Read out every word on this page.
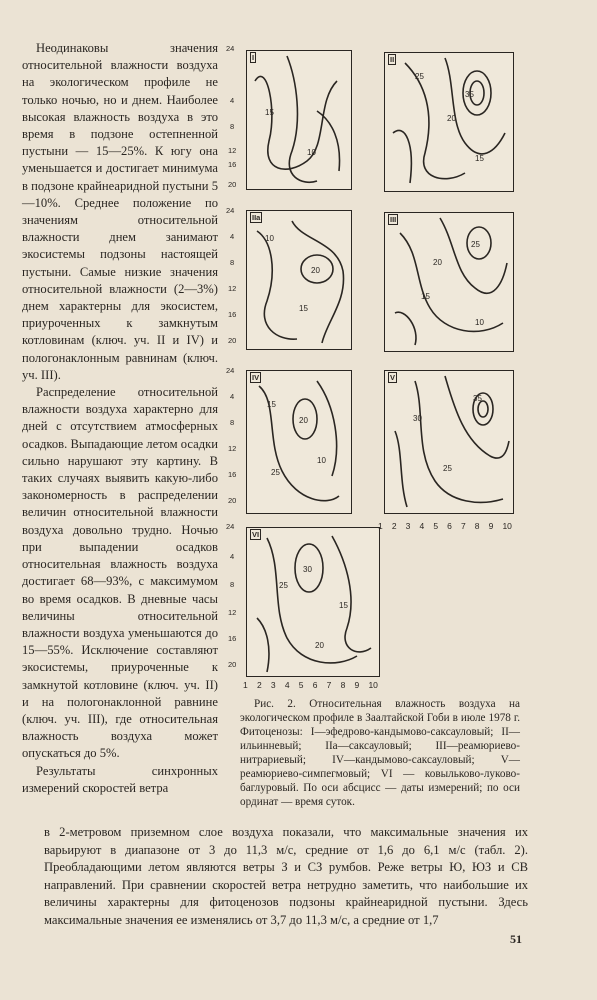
Неодинаковы значения относительной влажности воздуха на экологическом профиле не только ночью, но и днем. Наиболее высокая влажность воздуха в это время в подзоне остепненной пустыни — 15—25%. К югу она уменьшается и достигает минимума в подзоне крайнеаридной пустыни 5—10%. Среднее положение по значениям относительной влажности днем занимают экосистемы подзоны настоящей пустыни. Самые низкие значения относительной влажности (2—3%) днем характерны для экосистем, приуроченных к замкнутым котловинам (ключ. уч. II и IV) и пологонаклонным равнинам (ключ. уч. III).

Распределение относительной влажности воздуха характерно для дней с отсутствием атмосферных осадков. Выпадающие летом осадки сильно нарушают эту картину. В таких случаях выявить какую-либо закономерность в распределении величин относительной влажности воздуха довольно трудно. Ночью при выпадении осадков относительная влажность воздуха достигает 68—93%, с максимумом во время осадков. В дневные часы величины относительной влажности воздуха уменьшаются до 15—55%. Исключение составляют экосистемы, приуроченные к замкнутой котловине (ключ. уч. II) и на пологонаклонной равнине (ключ. уч. III), где относительная влажность воздуха может опускаться до 5%.

Результаты синхронных измерений скоростей ветра

15
10
25
35
20
15
10
20
15
25
20
15
10
15
20
25
10
30
35
25
30
25
20
15
I	II
IIa	III
IV	V
VI
24
4
8
12
16
20
24
4
8
12
16
20
24
4
8
12
16
20
24
4
8
12
16
20
1 2 3 4 5 6 7 8 9 10
1 2 3 4 5 6 7 8 9 10

Рис. 2. Относительная влажность воздуха на экологическом профиле в Заалтайской Гоби в июле 1978 г. Фитоценозы: I—эфедрово-кандымово-саксауловый; II—ильинневый; IIa—саксауловый; III—реамюриево-нитрариевый; IV—кандымово-саксауловый; V—реамюриево-симпегмовый; VI — ковыльково-луково-баглуровый. По оси абсцисс — даты измерений; по оси ординат — время суток.

в 2-метровом приземном слое воздуха показали, что максимальные значения их варьируют в диапазоне от 3 до 11,3 м/с, средние от 1,6 до 6,1 м/с (табл. 2). Преобладающими летом являются ветры З и СЗ румбов. Реже ветры Ю, ЮЗ и СВ направлений. При сравнении скоростей ветра нетрудно заметить, что наибольшие их величины характерны для фитоценозов подзоны крайнеаридной пустыни. Здесь максимальные значения ее изменялись от 3,7 до 11,3 м/с, а средние от 1,7

51
